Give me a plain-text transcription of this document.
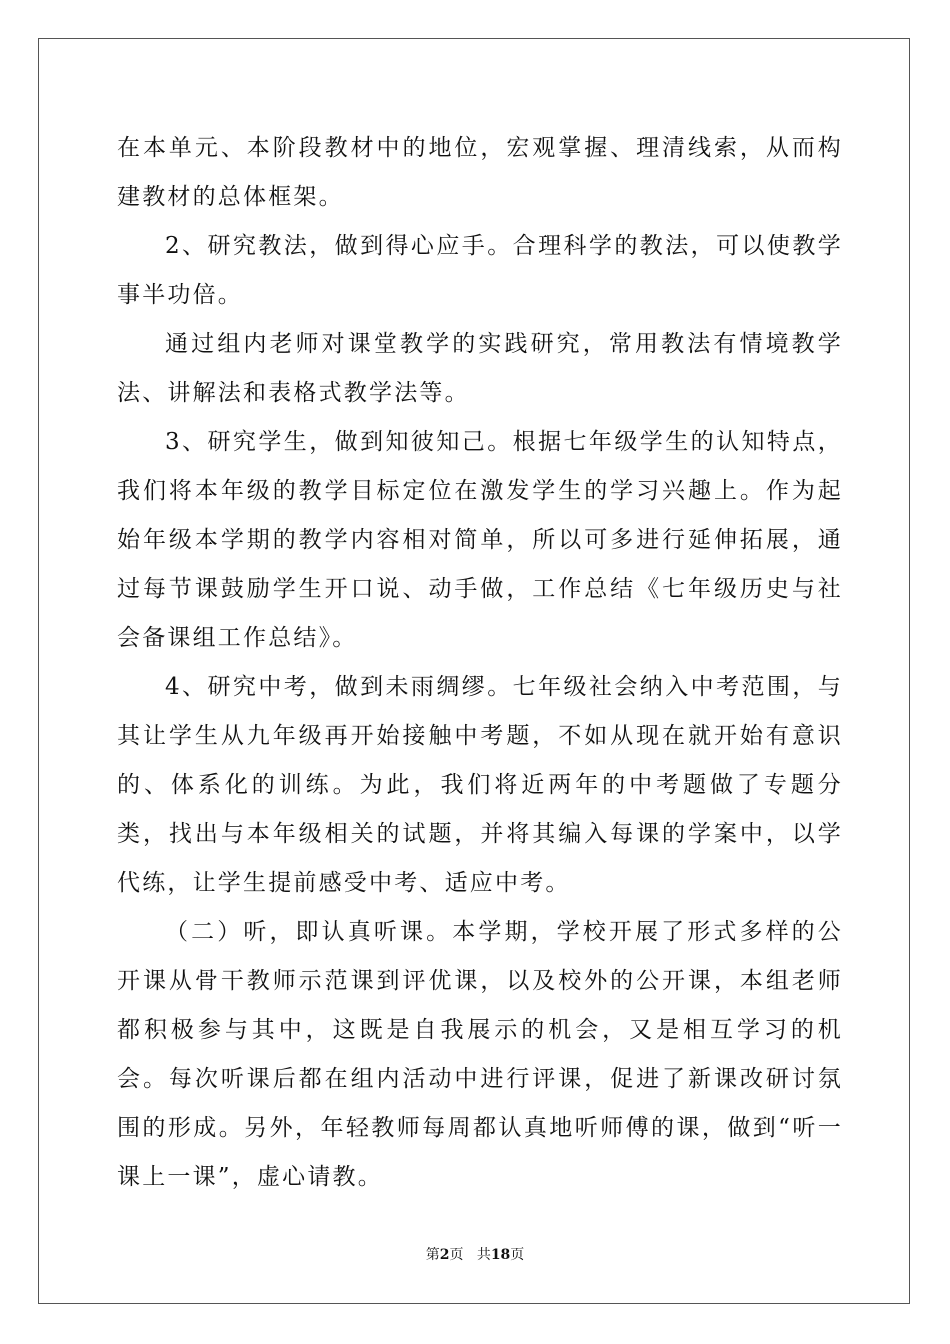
在本单元、本阶段教材中的地位，宏观掌握、理清线索，从而构建教材的总体框架。

2、研究教法，做到得心应手。合理科学的教法，可以使教学事半功倍。

通过组内老师对课堂教学的实践研究，常用教法有情境教学法、讲解法和表格式教学法等。

3、研究学生，做到知彼知己。根据七年级学生的认知特点，我们将本年级的教学目标定位在激发学生的学习兴趣上。作为起始年级本学期的教学内容相对简单，所以可多进行延伸拓展，通过每节课鼓励学生开口说、动手做，工作总结《七年级历史与社会备课组工作总结》。

4、研究中考，做到未雨绸缪。七年级社会纳入中考范围，与其让学生从九年级再开始接触中考题，不如从现在就开始有意识的、体系化的训练。为此，我们将近两年的中考题做了专题分类，找出与本年级相关的试题，并将其编入每课的学案中，以学代练，让学生提前感受中考、适应中考。

（二）听，即认真听课。本学期，学校开展了形式多样的公开课从骨干教师示范课到评优课，以及校外的公开课，本组老师都积极参与其中，这既是自我展示的机会，又是相互学习的机会。每次听课后都在组内活动中进行评课，促进了新课改研讨氛围的形成。另外，年轻教师每周都认真地听师傅的课，做到“听一课上一课”，虚心请教。

第2页 共18页
